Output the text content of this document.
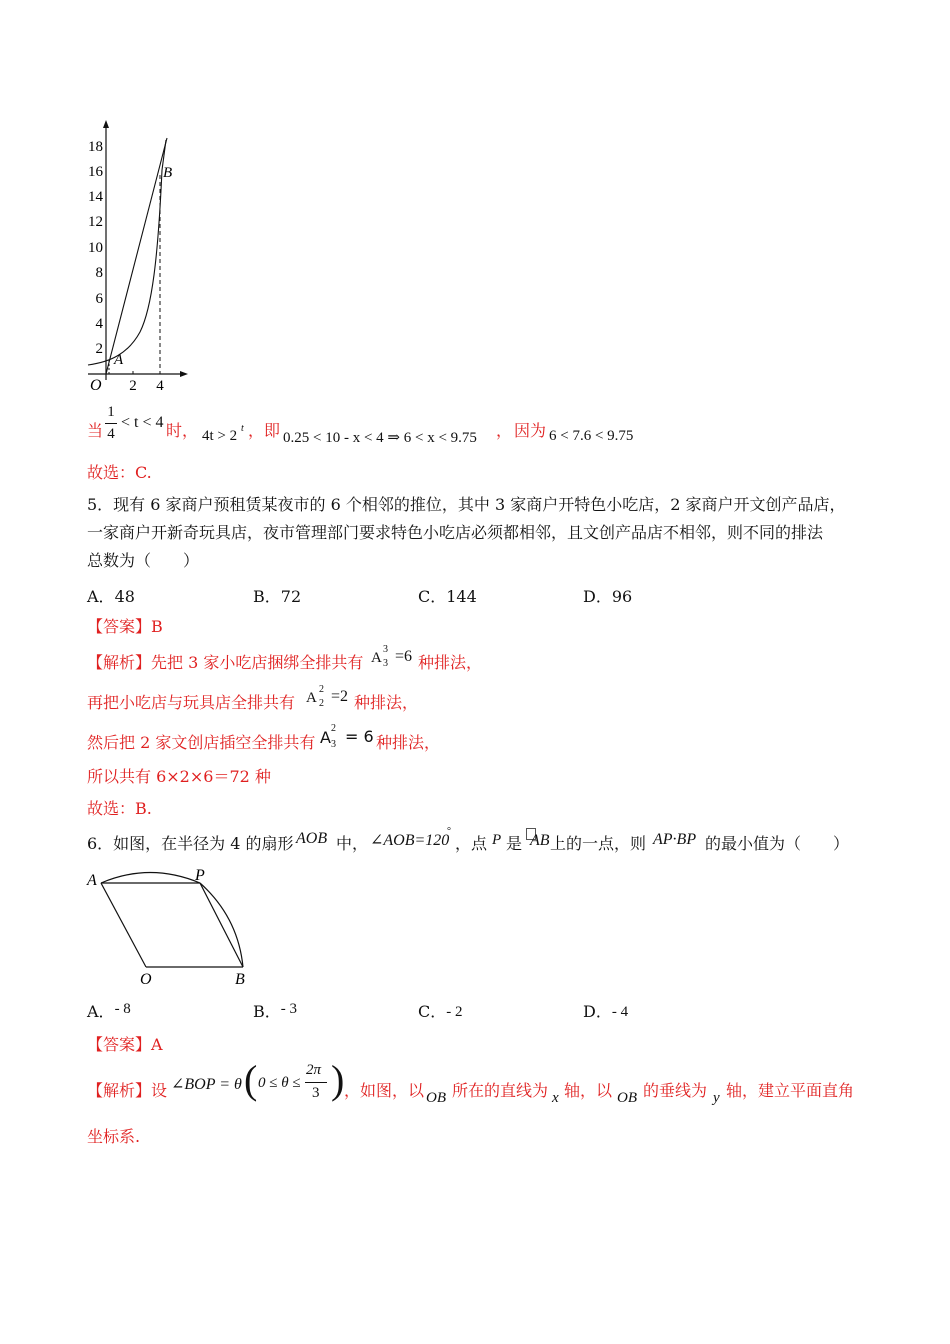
18
16
14
12
10
8
6
4
2
2 4
O
A
B
当
1
4
< t < 4 时， 4t > 2 t ， 即 0.25 < 10 - x < 4 ⇒ 6 < x < 9.75 ， 因为 6 < 7.6 < 9.75
故选：C.
5．现有 6 家商户预租赁某夜市的 6 个相邻的推位，其中 3 家商户开特色小吃店，2 家商户开文创产品店，
一家商户开新奇玩具店，夜市管理部门要求特色小吃店必须都相邻，且文创产品店不相邻，则不同的排法
总数为（　　）
A．48	B．72	C．144	D．96
【答案】B
【解析】先把 3 家小吃店捆绑全排共有 A
3
3 =6 种排法，
再把小吃店与玩具店全排共有 A
2
2 =2 种排法，
然后把 2 家文创店插空全排共有 A 2
3 = 6 种排法，
所以共有 6×2×6＝72 种
故选：B.
6．如图，在半径为 4 的扇形 AOB 中， ∠AOB=120
°
，点 P 是 AB 上的一点，则 AP·BP 的最小值为（　　）
A	P
O	B
A．- 8	B．- 3	C．- 2	D．- 4
【答案】A
【解析】设 ∠BOP = θ ( 0 ≤ θ ≤
2π
3 ) ，如图，以 OB 所在的直线为 x 轴，以 OB 的垂线为 y 轴，建立平面直角
坐标系.
